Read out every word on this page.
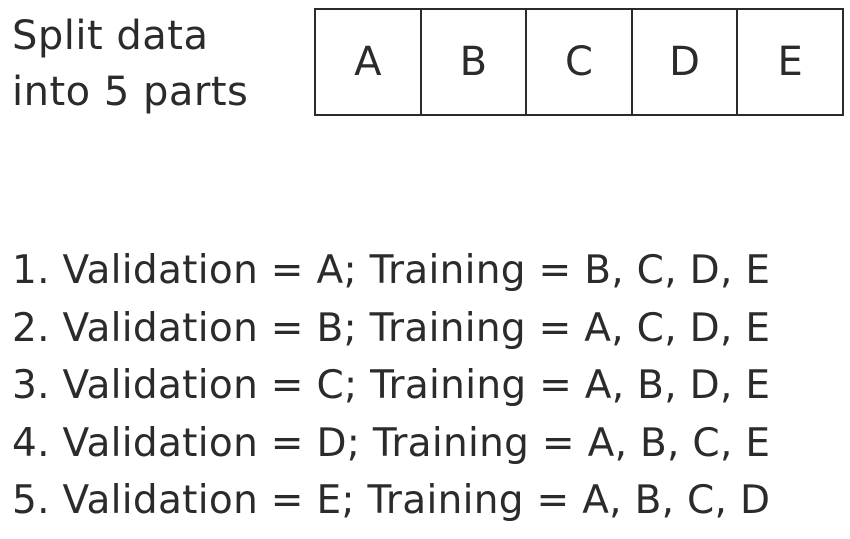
Split data
into 5 parts
A	B	C	D	E
1. Validation = A; Training = B, C, D, E
2. Validation = B; Training = A, C, D, E
3. Validation = C; Training = A, B, D, E
4. Validation = D; Training = A, B, C, E
5. Validation = E; Training = A, B, C, D
